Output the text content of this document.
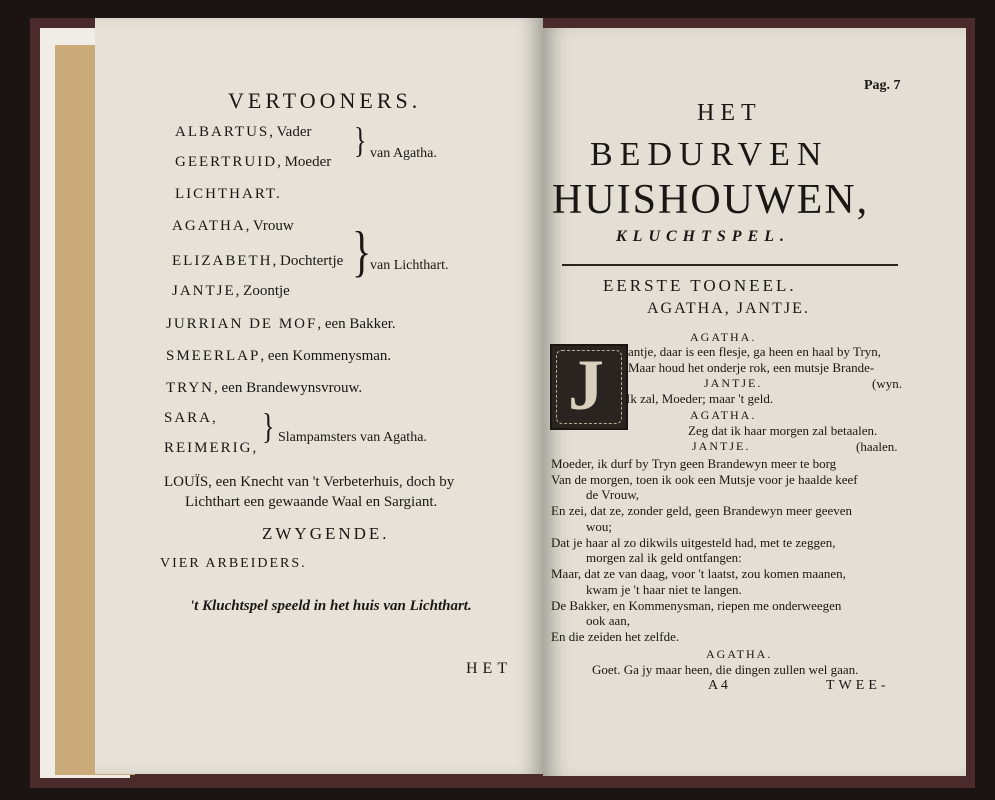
VERTOONERS.
ALBARTUS, Vader
GEERTRUID, Moeder
} van Agatha.
LICHTHART.
AGATHA, Vrouw
ELIZABETH, Dochtertje
JANTJE, Zoontje
}
van Lichthart.
JURRIAN DE MOF, een Bakker.
SMEERLAP, een Kommenysman.
TRYN, een Brandewynsvrouw.
SARA,
REIMERIG,
} Slampamsters van Agatha.
LOUÏS, een Knecht van 't Verbeterhuis, doch by
Lichthart een gewaande Waal en Sargiant.
ZWYGENDE.
VIER ARBEIDERS.
't Kluchtspel speeld in het huis van Lichthart.
HET
Pag. 7
HET
BEDURVEN
HUISHOUWEN,
KLUCHTSPEL.
EERSTE TOONEEL.
AGATHA, JANTJE.
J
AGATHA.
antje, daar is een flesje, ga heen en haal by Tryn,
Maar houd het onderje rok, een mutsje Brande-
JANTJE.	(wyn.
Ik zal, Moeder; maar 't geld.
AGATHA.
Zeg dat ik haar morgen zal betaalen.
JANTJE.	(haalen.
Moeder, ik durf by Tryn geen Brandewyn meer te borg
Van de morgen, toen ik ook een Mutsje voor je haalde keef
de Vrouw,
En zei, dat ze, zonder geld, geen Brandewyn meer geeven
wou;
Dat je haar al zo dikwils uitgesteld had, met te zeggen,
morgen zal ik geld ontfangen:
Maar, dat ze van daag, voor 't laatst, zou komen maanen,
kwam je 't haar niet te langen.
De Bakker, en Kommenysman, riepen me onderweegen
ook aan,
En die zeiden het zelfde.
AGATHA.
Goet. Ga jy maar heen, die dingen zullen wel gaan.
A 4	TWEE-
